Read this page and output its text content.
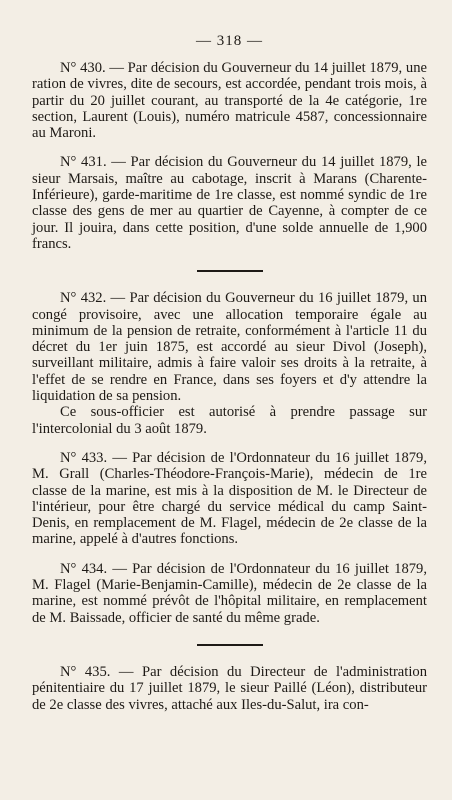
— 318 —

N° 430. — Par décision du Gouverneur du 14 juillet 1879, une ration de vivres, dite de secours, est accordée, pendant trois mois, à partir du 20 juillet courant, au transporté de la 4e catégorie, 1re section, Laurent (Louis), numéro matricule 4587, concessionnaire au Maroni.

N° 431. — Par décision du Gouverneur du 14 juillet 1879, le sieur Marsais, maître au cabotage, inscrit à Marans (Charente-Inférieure), garde-maritime de 1re classe, est nommé syndic de 1re classe des gens de mer au quartier de Cayenne, à compter de ce jour. Il jouira, dans cette position, d'une solde annuelle de 1,900 francs.

N° 432. — Par décision du Gouverneur du 16 juillet 1879, un congé provisoire, avec une allocation temporaire égale au minimum de la pension de retraite, conformément à l'article 11 du décret du 1er juin 1875, est accordé au sieur Divol (Joseph), surveillant militaire, admis à faire valoir ses droits à la retraite, à l'effet de se rendre en France, dans ses foyers et d'y attendre la liquidation de sa pension.

Ce sous-officier est autorisé à prendre passage sur l'intercolonial du 3 août 1879.

N° 433. — Par décision de l'Ordonnateur du 16 juillet 1879, M. Grall (Charles-Théodore-François-Marie), médecin de 1re classe de la marine, est mis à la disposition de M. le Directeur de l'intérieur, pour être chargé du service médical du camp Saint-Denis, en remplacement de M. Flagel, médecin de 2e classe de la marine, appelé à d'autres fonctions.

N° 434. — Par décision de l'Ordonnateur du 16 juillet 1879, M. Flagel (Marie-Benjamin-Camille), médecin de 2e classe de la marine, est nommé prévôt de l'hôpital militaire, en remplacement de M. Baissade, officier de santé du même grade.

N° 435. — Par décision du Directeur de l'administration pénitentiaire du 17 juillet 1879, le sieur Paillé (Léon), distributeur de 2e classe des vivres, attaché aux Iles-du-Salut, ira con-
